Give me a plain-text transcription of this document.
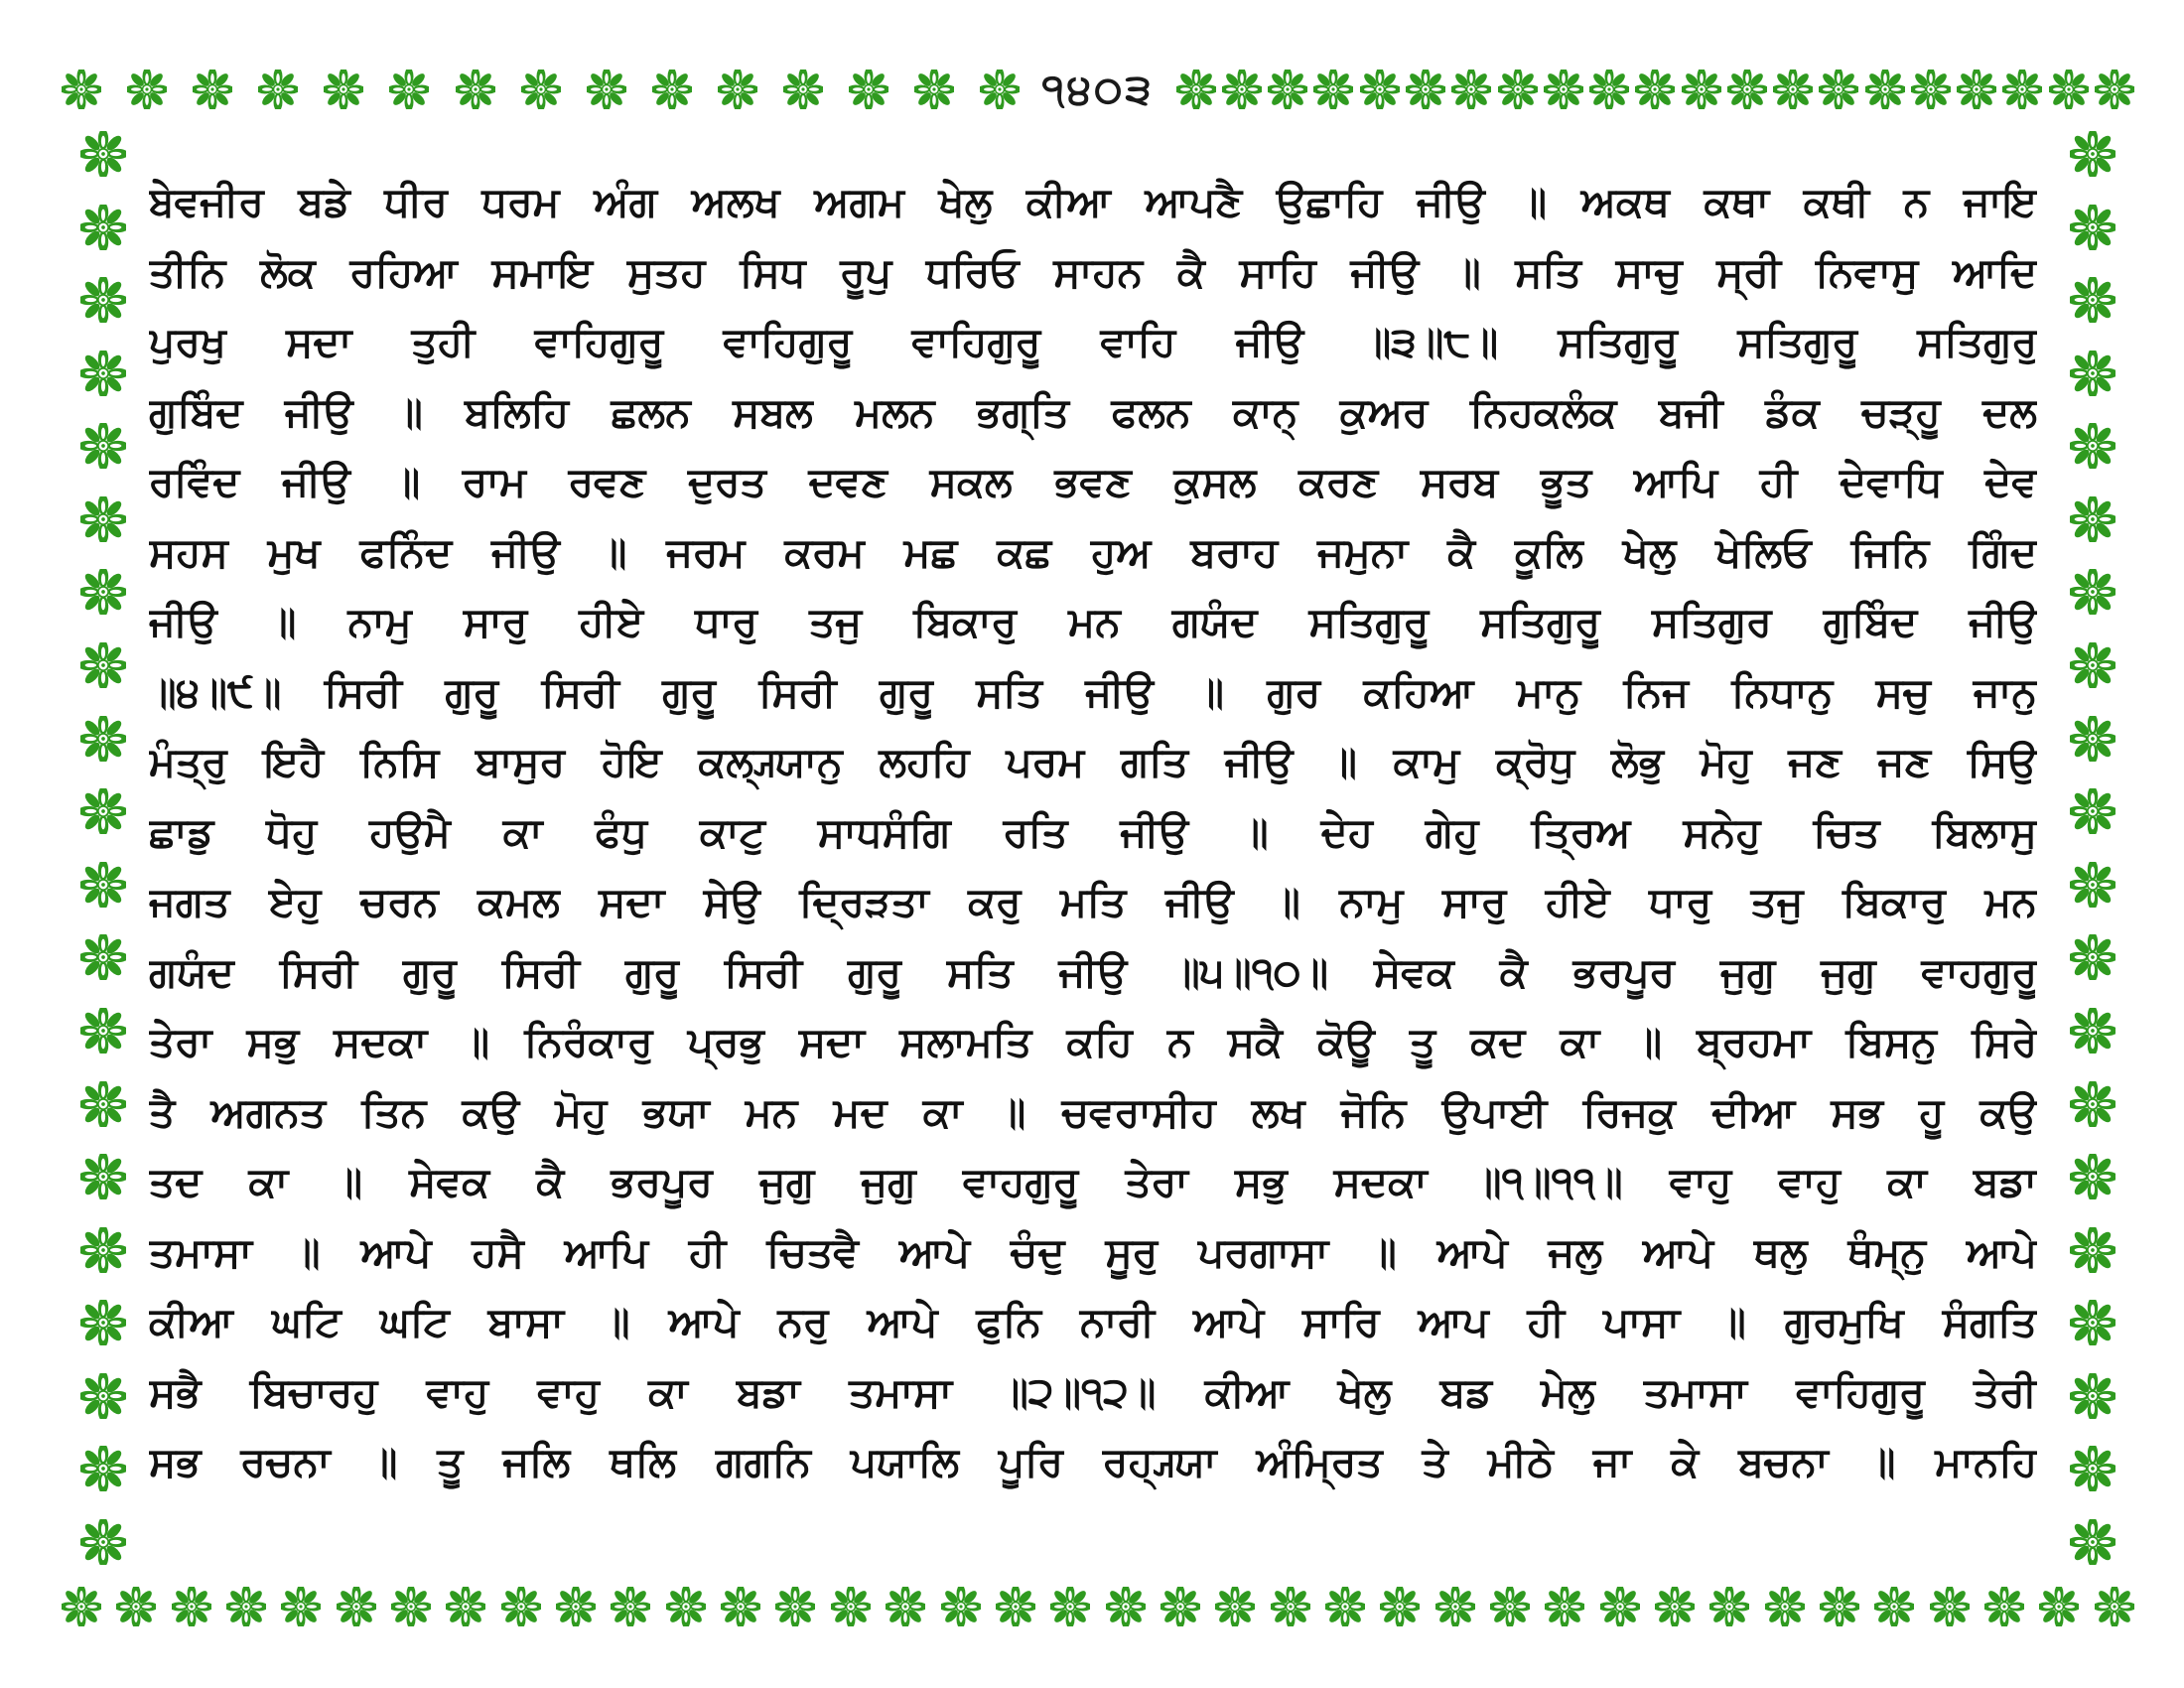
੧੪੦੩
ਬੇਵਜੀਰ ਬਡੇ ਧੀਰ ਧਰਮ ਅੰਗ ਅਲਖ ਅਗਮ ਖੇਲੁ ਕੀਆ ਆਪਣੈ ਉਛਾਹਿ ਜੀਉ ॥ ਅਕਥ ਕਥਾ ਕਥੀ ਨ ਜਾਇ
ਤੀਨਿ ਲੋਕ ਰਹਿਆ ਸਮਾਇ ਸੁਤਹ ਸਿਧ ਰੂਪੁ ਧਰਿਓ ਸਾਹਨ ਕੈ ਸਾਹਿ ਜੀਉ ॥ ਸਤਿ ਸਾਚੁ ਸ੍ਰੀ ਨਿਵਾਸੁ ਆਦਿ
ਪੁਰਖੁ ਸਦਾ ਤੁਹੀ ਵਾਹਿਗੁਰੂ ਵਾਹਿਗੁਰੂ ਵਾਹਿਗੁਰੂ ਵਾਹਿ ਜੀਉ ॥੩॥੮॥ ਸਤਿਗੁਰੂ ਸਤਿਗੁਰੂ ਸਤਿਗੁਰੁ
ਗੁਬਿੰਦ ਜੀਉ ॥ ਬਲਿਹਿ ਛਲਨ ਸਬਲ ਮਲਨ ਭਗ੍ਤਿ ਫਲਨ ਕਾਨ੍ ਕੁਅਰ ਨਿਹਕਲੰਕ ਬਜੀ ਡੰਕ ਚੜ੍ਹੂ ਦਲ
ਰਵਿੰਦ ਜੀਉ ॥ ਰਾਮ ਰਵਣ ਦੁਰਤ ਦਵਣ ਸਕਲ ਭਵਣ ਕੁਸਲ ਕਰਣ ਸਰਬ ਭੂਤ ਆਪਿ ਹੀ ਦੇਵਾਧਿ ਦੇਵ
ਸਹਸ ਮੁਖ ਫਨਿੰਦ ਜੀਉ ॥ ਜਰਮ ਕਰਮ ਮਛ ਕਛ ਹੁਅ ਬਰਾਹ ਜਮੁਨਾ ਕੈ ਕੂਲਿ ਖੇਲੁ ਖੇਲਿਓ ਜਿਨਿ ਗਿੰਦ
ਜੀਉ ॥ ਨਾਮੁ ਸਾਰੁ ਹੀਏ ਧਾਰੁ ਤਜੁ ਬਿਕਾਰੁ ਮਨ ਗਯੰਦ ਸਤਿਗੁਰੂ ਸਤਿਗੁਰੂ ਸਤਿਗੁਰ ਗੁਬਿੰਦ ਜੀਉ
॥੪॥੯॥ ਸਿਰੀ ਗੁਰੂ ਸਿਰੀ ਗੁਰੂ ਸਿਰੀ ਗੁਰੂ ਸਤਿ ਜੀਉ ॥ ਗੁਰ ਕਹਿਆ ਮਾਨੁ ਨਿਜ ਨਿਧਾਨੁ ਸਚੁ ਜਾਨੁ
ਮੰਤ੍ਰੁ ਇਹੈ ਨਿਸਿ ਬਾਸੁਰ ਹੋਇ ਕਲ੍ਯ੍ਯਾਨੁ ਲਹਹਿ ਪਰਮ ਗਤਿ ਜੀਉ ॥ ਕਾਮੁ ਕ੍ਰੋਧੁ ਲੋਭੁ ਮੋਹੁ ਜਣ ਜਣ ਸਿਉ
ਛਾਡੁ ਧੋਹੁ ਹਉਮੈ ਕਾ ਫੰਧੁ ਕਾਟੁ ਸਾਧਸੰਗਿ ਰਤਿ ਜੀਉ ॥ ਦੇਹ ਗੇਹੁ ਤ੍ਰਿਅ ਸਨੇਹੁ ਚਿਤ ਬਿਲਾਸੁ
ਜਗਤ ਏਹੁ ਚਰਨ ਕਮਲ ਸਦਾ ਸੇਉ ਦ੍ਰਿੜਤਾ ਕਰੁ ਮਤਿ ਜੀਉ ॥ ਨਾਮੁ ਸਾਰੁ ਹੀਏ ਧਾਰੁ ਤਜੁ ਬਿਕਾਰੁ ਮਨ
ਗਯੰਦ ਸਿਰੀ ਗੁਰੂ ਸਿਰੀ ਗੁਰੂ ਸਿਰੀ ਗੁਰੂ ਸਤਿ ਜੀਉ ॥੫॥੧੦॥ ਸੇਵਕ ਕੈ ਭਰਪੂਰ ਜੁਗੁ ਜੁਗੁ ਵਾਹਗੁਰੂ
ਤੇਰਾ ਸਭੁ ਸਦਕਾ ॥ ਨਿਰੰਕਾਰੁ ਪ੍ਰਭੁ ਸਦਾ ਸਲਾਮਤਿ ਕਹਿ ਨ ਸਕੈ ਕੋਊ ਤੂ ਕਦ ਕਾ ॥ ਬ੍ਰਹਮਾ ਬਿਸਨੁ ਸਿਰੇ
ਤੈ ਅਗਨਤ ਤਿਨ ਕਉ ਮੋਹੁ ਭਯਾ ਮਨ ਮਦ ਕਾ ॥ ਚਵਰਾਸੀਹ ਲਖ ਜੋਨਿ ਉਪਾਈ ਰਿਜਕੁ ਦੀਆ ਸਭ ਹੂ ਕਉ
ਤਦ ਕਾ ॥ ਸੇਵਕ ਕੈ ਭਰਪੂਰ ਜੁਗੁ ਜੁਗੁ ਵਾਹਗੁਰੂ ਤੇਰਾ ਸਭੁ ਸਦਕਾ ॥੧॥੧੧॥ ਵਾਹੁ ਵਾਹੁ ਕਾ ਬਡਾ
ਤਮਾਸਾ ॥ ਆਪੇ ਹਸੈ ਆਪਿ ਹੀ ਚਿਤਵੈ ਆਪੇ ਚੰਦੁ ਸੂਰੁ ਪਰਗਾਸਾ ॥ ਆਪੇ ਜਲੁ ਆਪੇ ਥਲੁ ਥੰਮ੍ਨੁ ਆਪੇ
ਕੀਆ ਘਟਿ ਘਟਿ ਬਾਸਾ ॥ ਆਪੇ ਨਰੁ ਆਪੇ ਫੁਨਿ ਨਾਰੀ ਆਪੇ ਸਾਰਿ ਆਪ ਹੀ ਪਾਸਾ ॥ ਗੁਰਮੁਖਿ ਸੰਗਤਿ
ਸਭੈ ਬਿਚਾਰਹੁ ਵਾਹੁ ਵਾਹੁ ਕਾ ਬਡਾ ਤਮਾਸਾ ॥੨॥੧੨॥ ਕੀਆ ਖੇਲੁ ਬਡ ਮੇਲੁ ਤਮਾਸਾ ਵਾਹਿਗੁਰੂ ਤੇਰੀ
ਸਭ ਰਚਨਾ ॥ ਤੂ ਜਲਿ ਥਲਿ ਗਗਨਿ ਪਯਾਲਿ ਪੂਰਿ ਰਹ੍ਯ੍ਯਾ ਅੰਮ੍ਰਿਤ ਤੇ ਮੀਠੇ ਜਾ ਕੇ ਬਚਨਾ ॥ ਮਾਨਹਿ
